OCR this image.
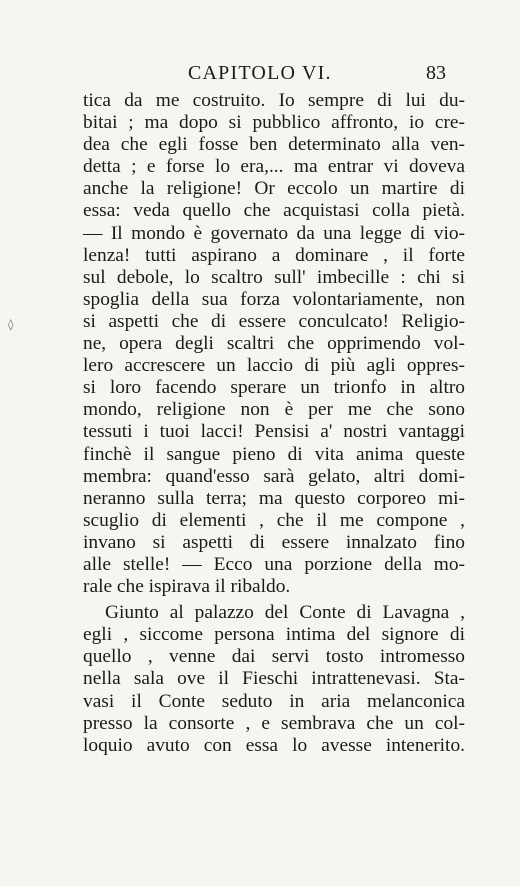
CAPITOLO VI.	83
◊
tica da me costruito. Io sempre di lui du-
bitai ; ma dopo si pubblico affronto, io cre-
dea che egli fosse ben determinato alla ven-
detta ; e forse lo era,... ma entrar vi doveva
anche la religione! Or eccolo un martire di
essa: veda quello che acquistasi colla pietà.
— Il mondo è governato da una legge di vio-
lenza! tutti aspirano a dominare , il forte
sul debole, lo scaltro sull' imbecille : chi si
spoglia della sua forza volontariamente, non
si aspetti che di essere conculcato! Religio-
ne, opera degli scaltri che opprimendo vol-
lero accrescere un laccio di più agli oppres-
si loro facendo sperare un trionfo in altro
mondo, religione non è per me che sono
tessuti i tuoi lacci! Pensisi a' nostri vantaggi
finchè il sangue pieno di vita anima queste
membra: quand'esso sarà gelato, altri domi-
neranno sulla terra; ma questo corporeo mi-
scuglio di elementi , che il me compone ,
invano si aspetti di essere innalzato fino
alle stelle! — Ecco una porzione della mo-
rale che ispirava il ribaldo.
Giunto al palazzo del Conte di Lavagna ,
egli , siccome persona intima del signore di
quello , venne dai servi tosto intromesso
nella sala ove il Fieschi intrattenevasi. Sta-
vasi il Conte seduto in aria melanconica
presso la consorte , e sembrava che un col-
loquio avuto con essa lo avesse intenerito.
